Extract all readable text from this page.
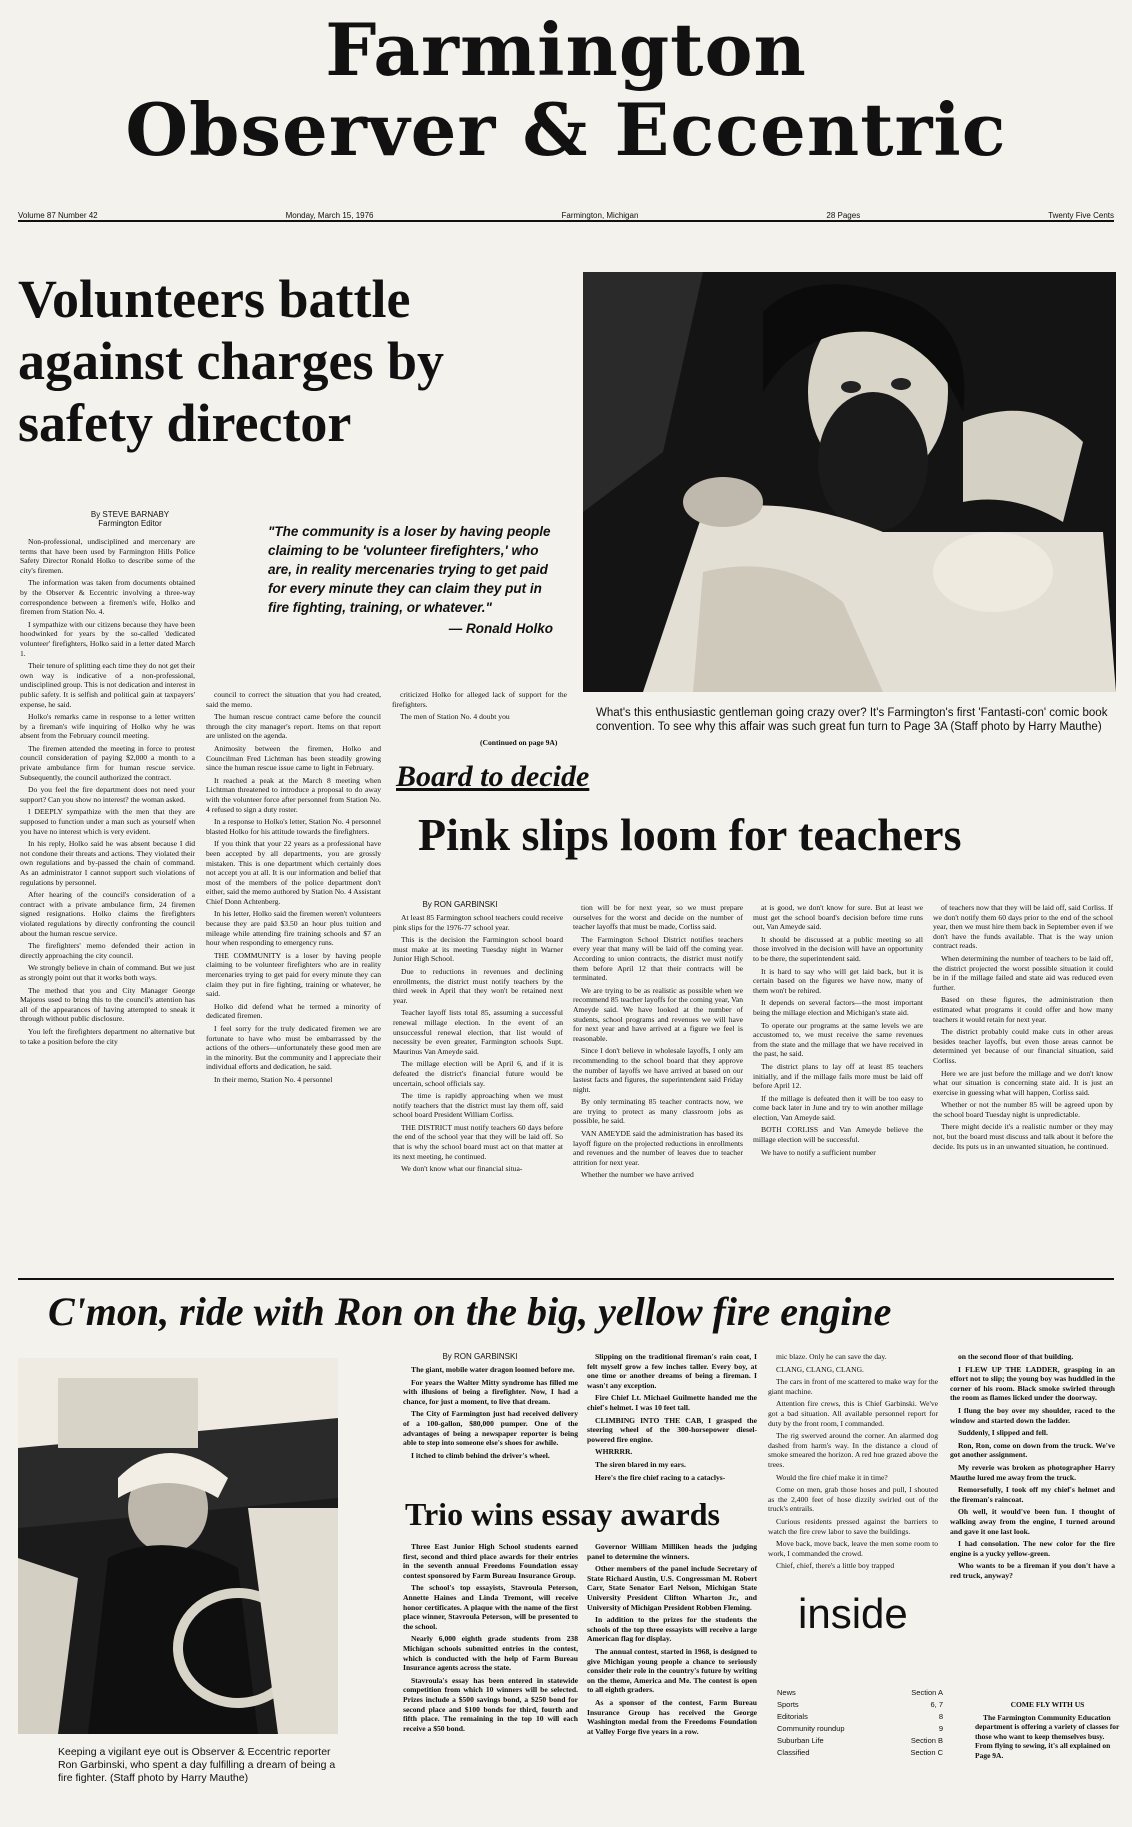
Farmington
Observer & Eccentric
Volume 87 Number 42	Monday, March 15, 1976	Farmington, Michigan	28 Pages	Twenty Five Cents
Volunteers battle against charges by safety director
By STEVE BARNABY
Farmington Editor
"The community is a loser by having people claiming to be 'volunteer firefighters,' who are, in reality mercenaries trying to get paid for every minute they can claim they put in fire fighting, training, or whatever."
— Ronald Holko

Non-professional, undisciplined and mercenary are terms that have been used by Farmington Hills Police Safety Director Ronald Holko to describe some of the city's firemen.

The information was taken from documents obtained by the Observer & Eccentric involving a three-way correspondence between a firemen's wife, Holko and firemen from Station No. 4.

I sympathize with our citizens because they have been hoodwinked for years by the so-called 'dedicated volunteer' firefighters, Holko said in a letter dated March 1.

Their tenure of splitting each time they do not get their own way is indicative of a non-professional, undisciplined group. This is not dedication and interest in public safety. It is selfish and political gain at taxpayers' expense, he said.

Holko's remarks came in response to a letter written by a fireman's wife inquiring of Holko why he was absent from the February council meeting.

The firemen attended the meeting in force to protest council consideration of paying $2,000 a month to a private ambulance firm for human rescue service. Subsequently, the council authorized the contract.

Do you feel the fire department does not need your support? Can you show no interest? the woman asked.

I DEEPLY sympathize with the men that they are supposed to function under a man such as yourself when you have no interest which is very evident.

In his reply, Holko said he was absent because I did not condone their threats and actions. They violated their own regulations and by-passed the chain of command. As an administrator I cannot support such violations of regulations by personnel.

After hearing of the council's consideration of a contract with a private ambulance firm, 24 firemen signed resignations. Holko claims the firefighters violated regulations by directly confronting the council about the human rescue service.

The firefighters' memo defended their action in directly approaching the city council.

We strongly believe in chain of command. But we just as strongly point out that it works both ways.

The method that you and City Manager George Majoros used to bring this to the council's attention has all of the appearances of having attempted to sneak it through without public disclosure.

You left the firefighters department no alternative but to take a position before the city

council to correct the situation that you had created, said the memo.

The human rescue contract came before the council through the city manager's report. Items on that report are unlisted on the agenda.

Animosity between the firemen, Holko and Councilman Fred Lichtman has been steadily growing since the human rescue issue came to light in February.

It reached a peak at the March 8 meeting when Lichtman threatened to introduce a proposal to do away with the volunteer force after personnel from Station No. 4 refused to sign a duty roster.

In a response to Holko's letter, Station No. 4 personnel blasted Holko for his attitude towards the firefighters.

If you think that your 22 years as a professional have been accepted by all departments, you are grossly mistaken. This is one department which certainly does not accept you at all. It is our information and belief that most of the members of the police department don't either, said the memo authored by Station No. 4 Assistant Chief Donn Achtenberg.

In his letter, Holko said the firemen weren't volunteers because they are paid $3.50 an hour plus tuition and mileage while attending fire training schools and $7 an hour when responding to emergency runs.

THE COMMUNITY is a loser by having people claiming to be volunteer firefighters who are in reality mercenaries trying to get paid for every minute they can claim they put in fire fighting, training or whatever, he said.

Holko did defend what he termed a minority of dedicated firemen.

I feel sorry for the truly dedicated firemen we are fortunate to have who must be embarrassed by the actions of the others—unfortunately these good men are in the minority. But the community and I appreciate their individual efforts and dedication, he said.

In their memo, Station No. 4 personnel

criticized Holko for alleged lack of support for the firefighters.

The men of Station No. 4 doubt you

(Continued on page 9A)
What's this enthusiastic gentleman going crazy over? It's Farmington's first 'Fantasti-con' comic book convention. To see why this affair was such great fun turn to Page 3A (Staff photo by Harry Mauthe)
Board to decide
Pink slips loom for teachers
By RON GARBINSKI

At least 85 Farmington school teachers could receive pink slips for the 1976-77 school year.

This is the decision the Farmington school board must make at its meeting Tuesday night in Warner Junior High School.

Due to reductions in revenues and declining enrollments, the district must notify teachers by the third week in April that they won't be retained next year.

Teacher layoff lists total 85, assuming a successful renewal millage election. In the event of an unsuccessful renewal election, that list would of necessity be even greater, Farmington schools Supt. Maurinus Van Ameyde said.

The millage election will be April 6, and if it is defeated the district's financial future would be uncertain, school officials say.

The time is rapidly approaching when we must notify teachers that the district must lay them off, said school board President William Corliss.

THE DISTRICT must notify teachers 60 days before the end of the school year that they will be laid off. So that is why the school board must act on that matter at its next meeting, he continued.

We don't know what our financial situa-

tion will be for next year, so we must prepare ourselves for the worst and decide on the number of teacher layoffs that must be made, Corliss said.

The Farmington School District notifies teachers every year that many will be laid off the coming year. According to union contracts, the district must notify them before April 12 that their contracts will be terminated.

We are trying to be as realistic as possible when we recommend 85 teacher layoffs for the coming year, Van Ameyde said. We have looked at the number of students, school programs and revenues we will have for next year and have arrived at a figure we feel is reasonable.

Since I don't believe in wholesale layoffs, I only am recommending to the school board that they approve the number of layoffs we have arrived at based on our lastest facts and figures, the superintendent said Friday night.

By only terminating 85 teacher contracts now, we are trying to protect as many classroom jobs as possible, he said.

VAN AMEYDE said the administration has based its layoff figure on the projected reductions in enrollments and revenues and the number of leaves due to teacher attrition for next year.

Whether the number we have arrived

at is good, we don't know for sure. But at least we must get the school board's decision before time runs out, Van Ameyde said.

It should be discussed at a public meeting so all those involved in the decision will have an opportunity to be there, the superintendent said.

It is hard to say who will get laid back, but it is certain based on the figures we have now, many of them won't be rehired.

It depends on several factors—the most important being the millage election and Michigan's state aid.

To operate our programs at the same levels we are accustomed to, we must receive the same revenues from the state and the millage that we have received in the past, he said.

The district plans to lay off at least 85 teachers initially, and if the millage fails more must be laid off before April 12.

If the millage is defeated then it will be too easy to come back later in June and try to win another millage election, Van Ameyde said.

BOTH CORLISS and Van Ameyde believe the millage election will be successful.

We have to notify a sufficient number

of teachers now that they will be laid off, said Corliss. If we don't notify them 60 days prior to the end of the school year, then we must hire them back in September even if we don't have the funds available. That is the way union contract reads.

When determining the number of teachers to be laid off, the district projected the worst possible situation it could be in if the millage failed and state aid was reduced even further.

Based on these figures, the administration then estimated what programs it could offer and how many teachers it would retain for next year.

The district probably could make cuts in other areas besides teacher layoffs, but even those areas cannot be determined yet because of our financial situation, said Corliss.

Here we are just before the millage and we don't know what our situation is concerning state aid. It is just an exercise in guessing what will happen, Corliss said.

Whether or not the number 85 will be agreed upon by the school board Tuesday night is unpredictable.

There might decide it's a realistic number or they may not, but the board must discuss and talk about it before the decide. Its puts us in an unwanted situation, he continued.

C'mon, ride with Ron on the big, yellow fire engine
Keeping a vigilant eye out is Observer & Eccentric reporter Ron Garbinski, who spent a day fulfilling a dream of being a fire fighter. (Staff photo by Harry Mauthe)
By RON GARBINSKI

The giant, mobile water dragon loomed before me.

For years the Walter Mitty syndrome has filled me with illusions of being a firefighter. Now, I had a chance, for just a moment, to live that dream.

The City of Farmington just had received delivery of a 100-gallon, $80,000 pumper. One of the advantages of being a newspaper reporter is being able to step into someone else's shoes for awhile.

I itched to climb behind the driver's wheel.

Slipping on the traditional fireman's rain coat, I felt myself grow a few inches taller. Every boy, at one time or another dreams of being a fireman. I wasn't any exception.

Fire Chief Lt. Michael Guilmette handed me the chief's helmet. I was 10 feet tall.

CLIMBING INTO THE CAB, I grasped the steering wheel of the 300-horsepower diesel-powered fire engine.

WHRRRR.

The siren blared in my ears.

Here's the fire chief racing to a cataclys-

mic blaze. Only he can save the day.

CLANG, CLANG, CLANG.

The cars in front of me scattered to make way for the giant machine.

Attention fire crews, this is Chief Garbinski. We've got a bad situation. All available personnel report for duty by the front room, I commanded.

The rig swerved around the corner. An alarmed dog dashed from harm's way. In the distance a cloud of smoke smeared the horizon. A red hue grazed above the trees.

Would the fire chief make it in time?

Come on men, grab those hoses and pull, I shouted as the 2,400 feet of hose dizzily swirled out of the truck's entrails.

Curious residents pressed against the barriers to watch the fire crew labor to save the buildings.

Move back, move back, leave the men some room to work, I commanded the crowd.

Chief, chief, there's a little boy trapped

on the second floor of that building.

I FLEW UP THE LADDER, grasping in an effort not to slip; the young boy was huddled in the corner of his room. Black smoke swirled through the room as flames licked under the doorway.

I flung the boy over my shoulder, raced to the window and started down the ladder.

Suddenly, I slipped and fell.

Ron, Ron, come on down from the truck. We've got another assignment.

My reverie was broken as photographer Harry Mauthe lured me away from the truck.

Remorsefully, I took off my chief's helmet and the fireman's raincoat.

Oh well, it would've been fun. I thought of walking away from the engine, I turned around and gave it one last look.

I had consolation. The new color for the fire engine is a yucky yellow-green.

Who wants to be a fireman if you don't have a red truck, anyway?

Trio wins essay awards

Three East Junior High School students earned first, second and third place awards for their entries in the seventh annual Freedoms Foundation essay contest sponsored by Farm Bureau Insurance Group.

The school's top essayists, Stavroula Peterson, Annette Haines and Linda Tremont, will receive honor certificates. A plaque with the name of the first place winner, Stavroula Peterson, will be presented to the school.

Nearly 6,000 eighth grade students from 238 Michigan schools submitted entries in the contest, which is conducted with the help of Farm Bureau Insurance agents across the state.

Stavroula's essay has been entered in statewide competition from which 10 winners will be selected. Prizes include a $500 savings bond, a $250 bond for second place and $100 bonds for third, fourth and fifth place. The remaining in the top 10 will each receive a $50 bond.

Governor William Milliken heads the judging panel to determine the winners.

Other members of the panel include Secretary of State Richard Austin, U.S. Congressman M. Robert Carr, State Senator Earl Nelson, Michigan State University President Clifton Wharton Jr., and University of Michigan President Robben Fleming.

In addition to the prizes for the students the schools of the top three essayists will receive a large American flag for display.

The annual contest, started in 1968, is designed to give Michigan young people a chance to seriously consider their role in the country's future by writing on the theme, America and Me. The contest is open to all eighth graders.

As a sponsor of the contest, Farm Bureau Insurance Group has received the George Washington medal from the Freedoms Foundation at Valley Forge five years in a row.

inside
News	Section A
Sports	6, 7
Editorials	8
Community roundup	9
Suburban Life	Section B
Classified	Section C
COME FLY WITH US
The Farmington Community Education department is offering a variety of classes for those who want to keep themselves busy. From flying to sewing, it's all explained on Page 9A.
